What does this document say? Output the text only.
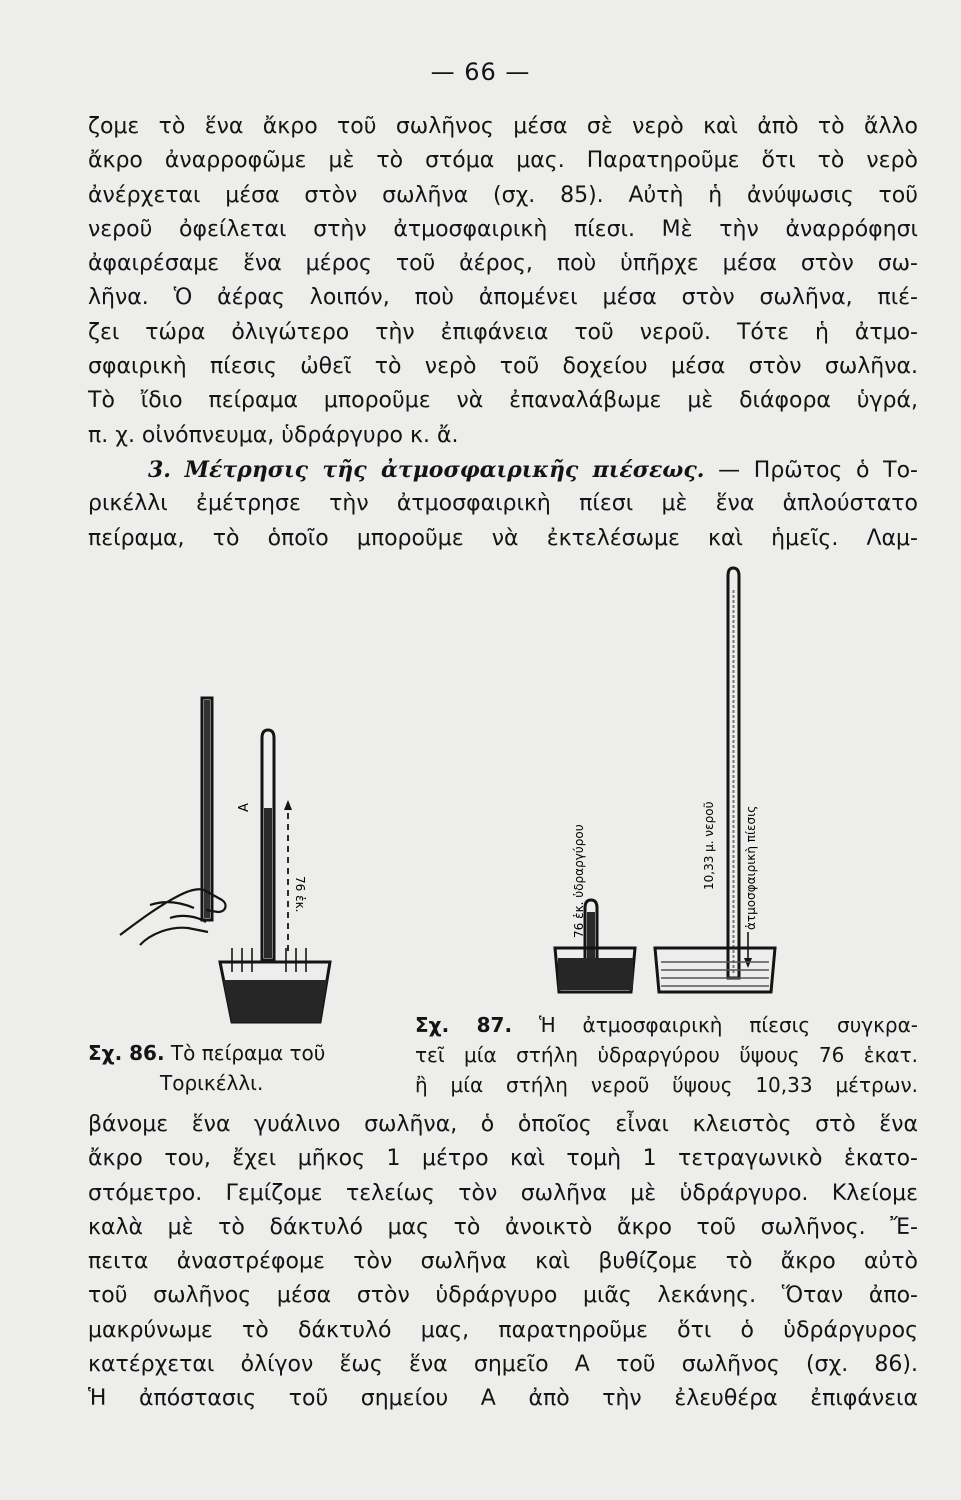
— 66 —
ζομε τὸ ἕνα ἄκρο τοῦ σωλῆνος μέσα σὲ νερὸ καὶ ἀπὸ τὸ ἄλλο
ἄκρο ἀναρροφῶμε μὲ τὸ στόμα μας. Παρατηροῦμε ὅτι τὸ νερὸ
ἀνέρχεται μέσα στὸν σωλῆνα (σχ. 85). Αὐτὴ ἡ ἀνύψωσις τοῦ
νεροῦ ὀφείλεται στὴν ἀτμοσφαιρικὴ πίεσι. Μὲ τὴν ἀναρρόφησι
ἀφαιρέσαμε ἕνα μέρος τοῦ ἀέρος, ποὺ ὑπῆρχε μέσα στὸν σω-
λῆνα. Ὁ ἀέρας λοιπόν, ποὺ ἀπομένει μέσα στὸν σωλῆνα, πιέ-
ζει τώρα ὀλιγώτερο τὴν ἐπιφάνεια τοῦ νεροῦ. Τότε ἡ ἀτμο-
σφαιρικὴ πίεσις ὠθεῖ τὸ νερὸ τοῦ δοχείου μέσα στὸν σωλῆνα.
Τὸ ἴδιο πείραμα μποροῦμε νὰ ἐπαναλάβωμε μὲ διάφορα ὑγρά,
π. χ. οἰνόπνευμα, ὑδράργυρο κ. ἄ.
3. Μέτρησις τῆς ἀτμοσφαιρικῆς πιέσεως. — Πρῶτος ὁ Το-
ρικέλλι ἐμέτρησε τὴν ἀτμοσφαιρικὴ πίεσι μὲ ἕνα ἁπλούστατο
πείραμα, τὸ ὁποῖο μποροῦμε νὰ ἐκτελέσωμε καὶ ἡμεῖς. Λαμ-
A
76 ἑκ.	76 ἑκ. ὑδραργύρου	10,33 μ. νεροῦ ἀτμοσφαιρικὴ πίεσις
Σχ. 86. Τὸ πείραμα τοῦ
Τορικέλλι.
Σχ. 87. Ἡ ἀτμοσφαιρικὴ πίεσις συγκρα-
τεῖ μία στήλη ὑδραργύρου ὕψους 76 ἑκατ.
ἢ μία στήλη νεροῦ ὕψους 10,33 μέτρων.
βάνομε ἕνα γυάλινο σωλῆνα, ὁ ὁποῖος εἶναι κλειστὸς στὸ ἕνα
ἄκρο του, ἔχει μῆκος 1 μέτρο καὶ τομὴ 1 τετραγωνικὸ ἑκατο-
στόμετρο. Γεμίζομε τελείως τὸν σωλῆνα μὲ ὑδράργυρο. Κλείομε
καλὰ μὲ τὸ δάκτυλό μας τὸ ἀνοικτὸ ἄκρο τοῦ σωλῆνος. Ἔ-
πειτα ἀναστρέφομε τὸν σωλῆνα καὶ βυθίζομε τὸ ἄκρο αὐτὸ
τοῦ σωλῆνος μέσα στὸν ὑδράργυρο μιᾶς λεκάνης. Ὅταν ἀπο-
μακρύνωμε τὸ δάκτυλό μας, παρατηροῦμε ὅτι ὁ ὑδράργυρος
κατέρχεται ὀλίγον ἕως ἕνα σημεῖο Α τοῦ σωλῆνος (σχ. 86).
Ἡ ἀπόστασις τοῦ σημείου Α ἀπὸ τὴν ἐλευθέρα ἐπιφάνεια
